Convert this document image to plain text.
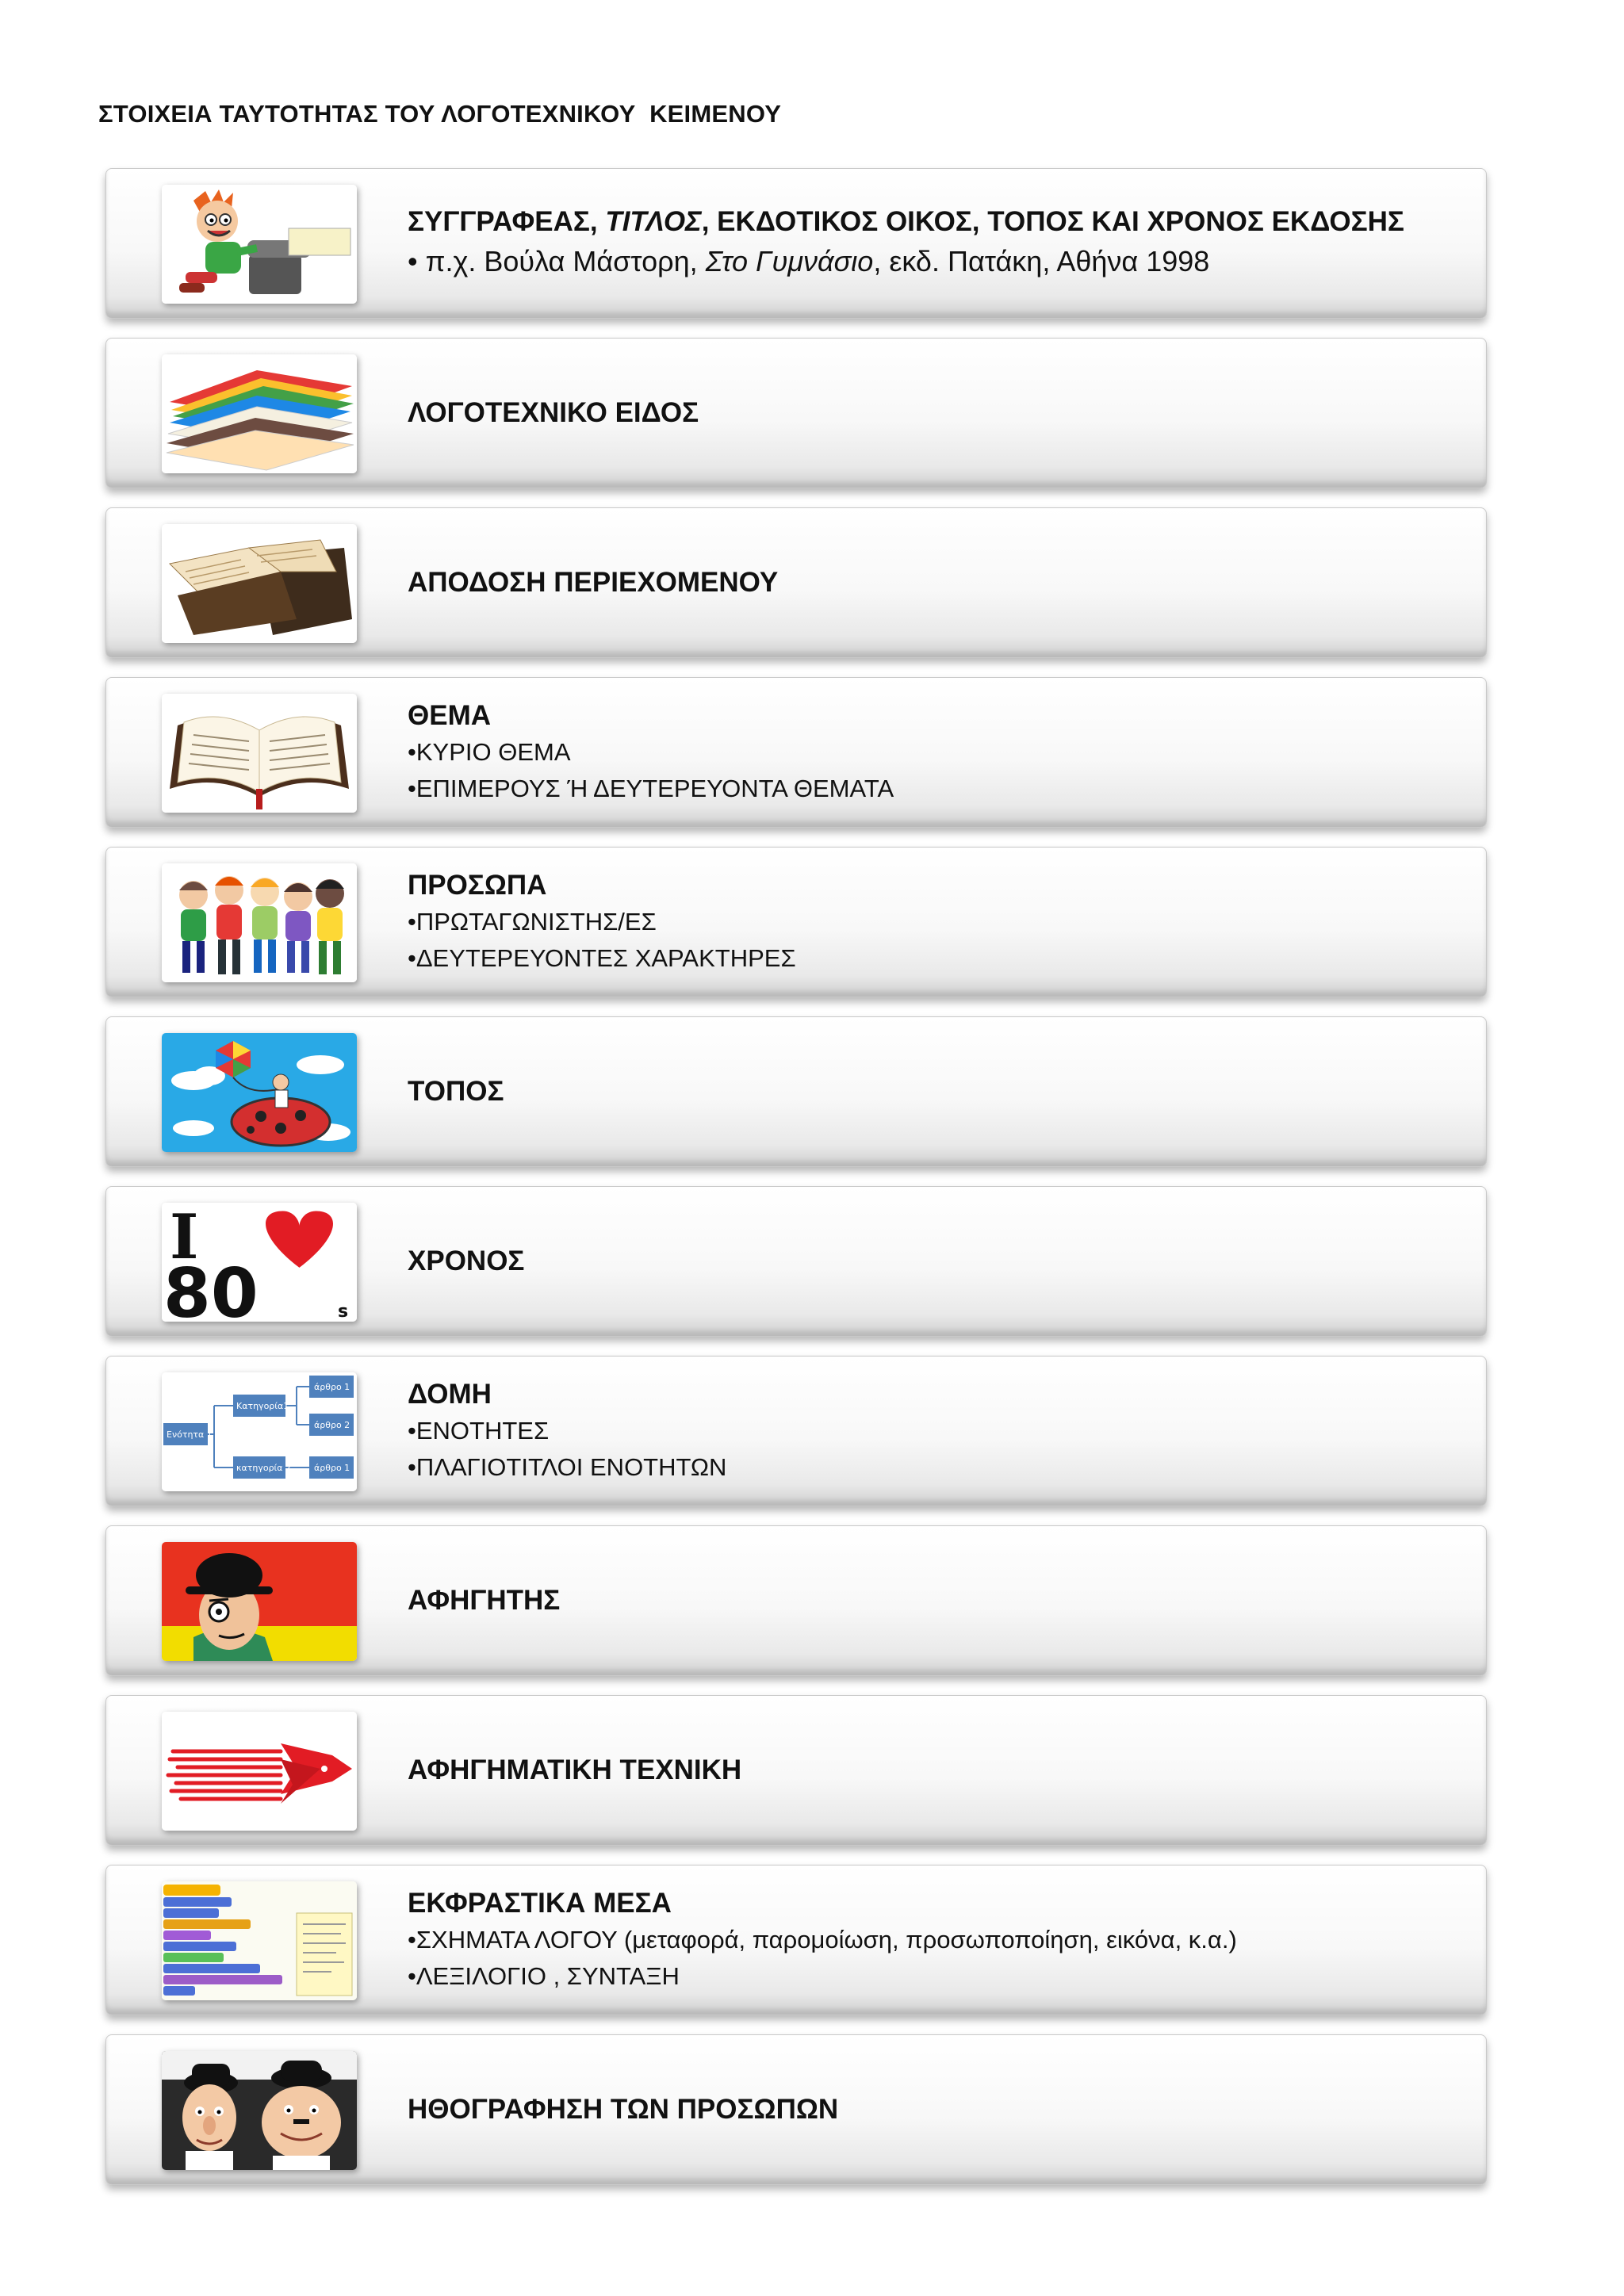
ΣΤΟΙΧΕΙΑ ΤΑΥΤΟΤΗΤΑΣ ΤΟΥ ΛΟΓΟΤΕΧΝΙΚΟΥ  ΚΕΙΜΕΝΟΥ
ΣΥΓΓΡΑΦΕΑΣ, ΤΙΤΛΟΣ, ΕΚΔΟΤΙΚΟΣ ΟΙΚΟΣ, ΤΟΠΟΣ ΚΑΙ ΧΡΟΝΟΣ ΕΚΔΟΣΗΣ
• π.χ. Βούλα Μάστορη, Στο Γυμνάσιο, εκδ. Πατάκη, Αθήνα 1998
ΛΟΓΟΤΕΧΝΙΚΟ ΕΙΔΟΣ
ΑΠΟΔΟΣΗ ΠΕΡΙΕΧΟΜΕΝΟΥ
ΘΕΜΑ
•ΚΥΡΙΟ ΘΕΜΑ
•ΕΠΙΜΕΡΟΥΣ Ή ΔΕΥΤΕΡΕΥΟΝΤΑ ΘΕΜΑΤΑ
ΠΡΟΣΩΠΑ
•ΠΡΩΤΑΓΩΝΙΣΤΗΣ/ΕΣ
•ΔΕΥΤΕΡΕΥΟΝΤΕΣ ΧΑΡΑΚΤΗΡΕΣ
ΤΟΠΟΣ
I
80	s
ΧΡΟΝΟΣ
Ενότητα 1
Κατηγορία1
κατηγορία 2
άρθρο 1
άρθρο 2
άρθρο 1
ΔΟΜΗ
•ΕΝΟΤΗΤΕΣ
•ΠΛΑΓΙΟΤΙΤΛΟΙ ΕΝΟΤΗΤΩΝ
ΑΦΗΓΗΤΗΣ
ΑΦΗΓΗΜΑΤΙΚΗ ΤΕΧΝΙΚΗ
ΕΚΦΡΑΣΤΙΚΑ ΜΕΣΑ
•ΣΧΗΜΑΤΑ ΛΟΓΟΥ (μεταφορά, παρομοίωση, προσωποποίηση, εικόνα, κ.α.)
•ΛΕΞΙΛΟΓΙΟ , ΣΥΝΤΑΞΗ
ΗΘΟΓΡΑΦΗΣΗ ΤΩΝ ΠΡΟΣΩΠΩΝ
